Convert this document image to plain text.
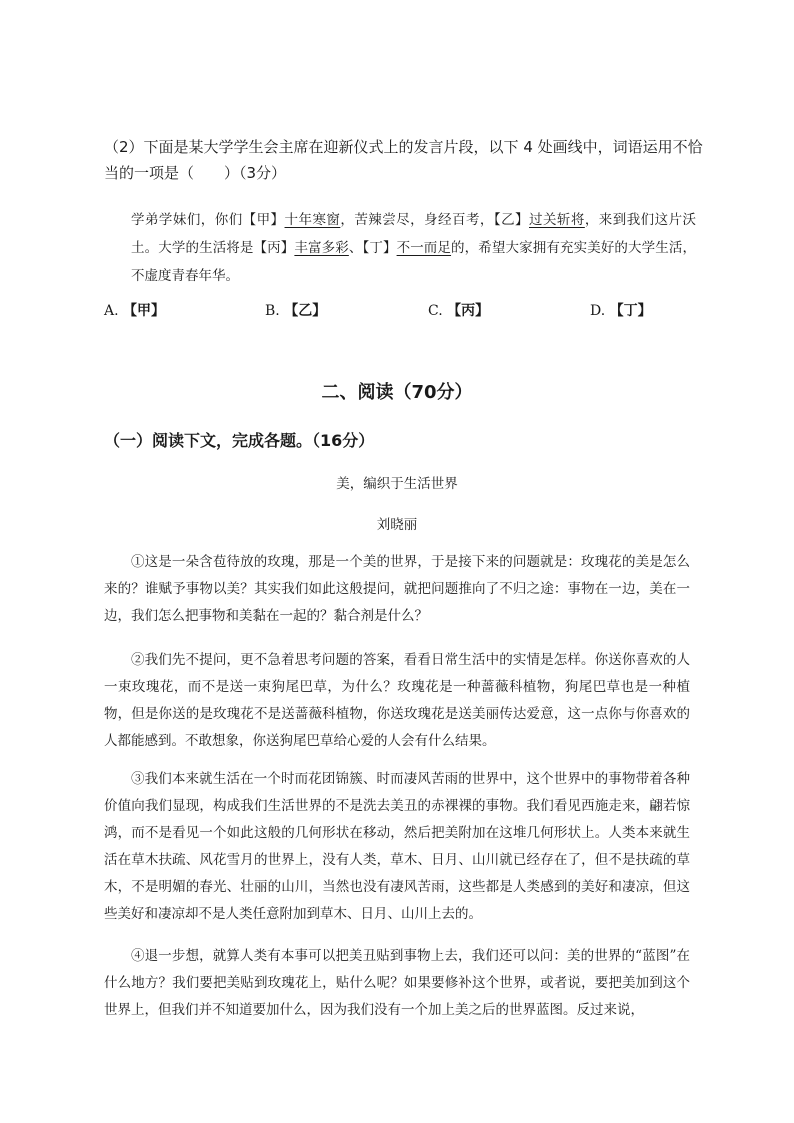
（2）下面是某大学学生会主席在迎新仪式上的发言片段，以下 4 处画线中，词语运用不恰当的一项是（　　）（3分）
学弟学妹们，你们【甲】十年寒窗，苦辣尝尽，身经百考，【乙】过关斩将，来到我们这片沃土。大学的生活将是【丙】丰富多彩、【丁】不一而足的，希望大家拥有充实美好的大学生活，不虚度青春年华。
A. 【甲】	B. 【乙】	C. 【丙】	D. 【丁】
二、阅读（70分）
（一）阅读下文，完成各题。（16分）
美，编织于生活世界
刘晓丽

①这是一朵含苞待放的玫瑰，那是一个美的世界，于是接下来的问题就是：玫瑰花的美是怎么来的？谁赋予事物以美？其实我们如此这般提问，就把问题推向了不归之途：事物在一边，美在一边，我们怎么把事物和美黏在一起的？黏合剂是什么？

②我们先不提问，更不急着思考问题的答案，看看日常生活中的实情是怎样。你送你喜欢的人一束玫瑰花，而不是送一束狗尾巴草，为什么？玫瑰花是一种蔷薇科植物，狗尾巴草也是一种植物，但是你送的是玫瑰花不是送蔷薇科植物，你送玫瑰花是送美丽传达爱意，这一点你与你喜欢的人都能感到。不敢想象，你送狗尾巴草给心爱的人会有什么结果。

③我们本来就生活在一个时而花团锦簇、时而凄风苦雨的世界中，这个世界中的事物带着各种价值向我们显现，构成我们生活世界的不是洗去美丑的赤裸裸的事物。我们看见西施走来，翩若惊鸿，而不是看见一个如此这般的几何形状在移动，然后把美附加在这堆几何形状上。人类本来就生活在草木扶疏、风花雪月的世界上，没有人类，草木、日月、山川就已经存在了，但不是扶疏的草木，不是明媚的春光、壮丽的山川，当然也没有凄风苦雨，这些都是人类感到的美好和凄凉，但这些美好和凄凉却不是人类任意附加到草木、日月、山川上去的。

④退一步想，就算人类有本事可以把美丑贴到事物上去，我们还可以问：美的世界的“蓝图”在什么地方？我们要把美贴到玫瑰花上，贴什么呢？如果要修补这个世界，或者说，要把美加到这个世界上，但我们并不知道要加什么，因为我们没有一个加上美之后的世界蓝图。反过来说，
